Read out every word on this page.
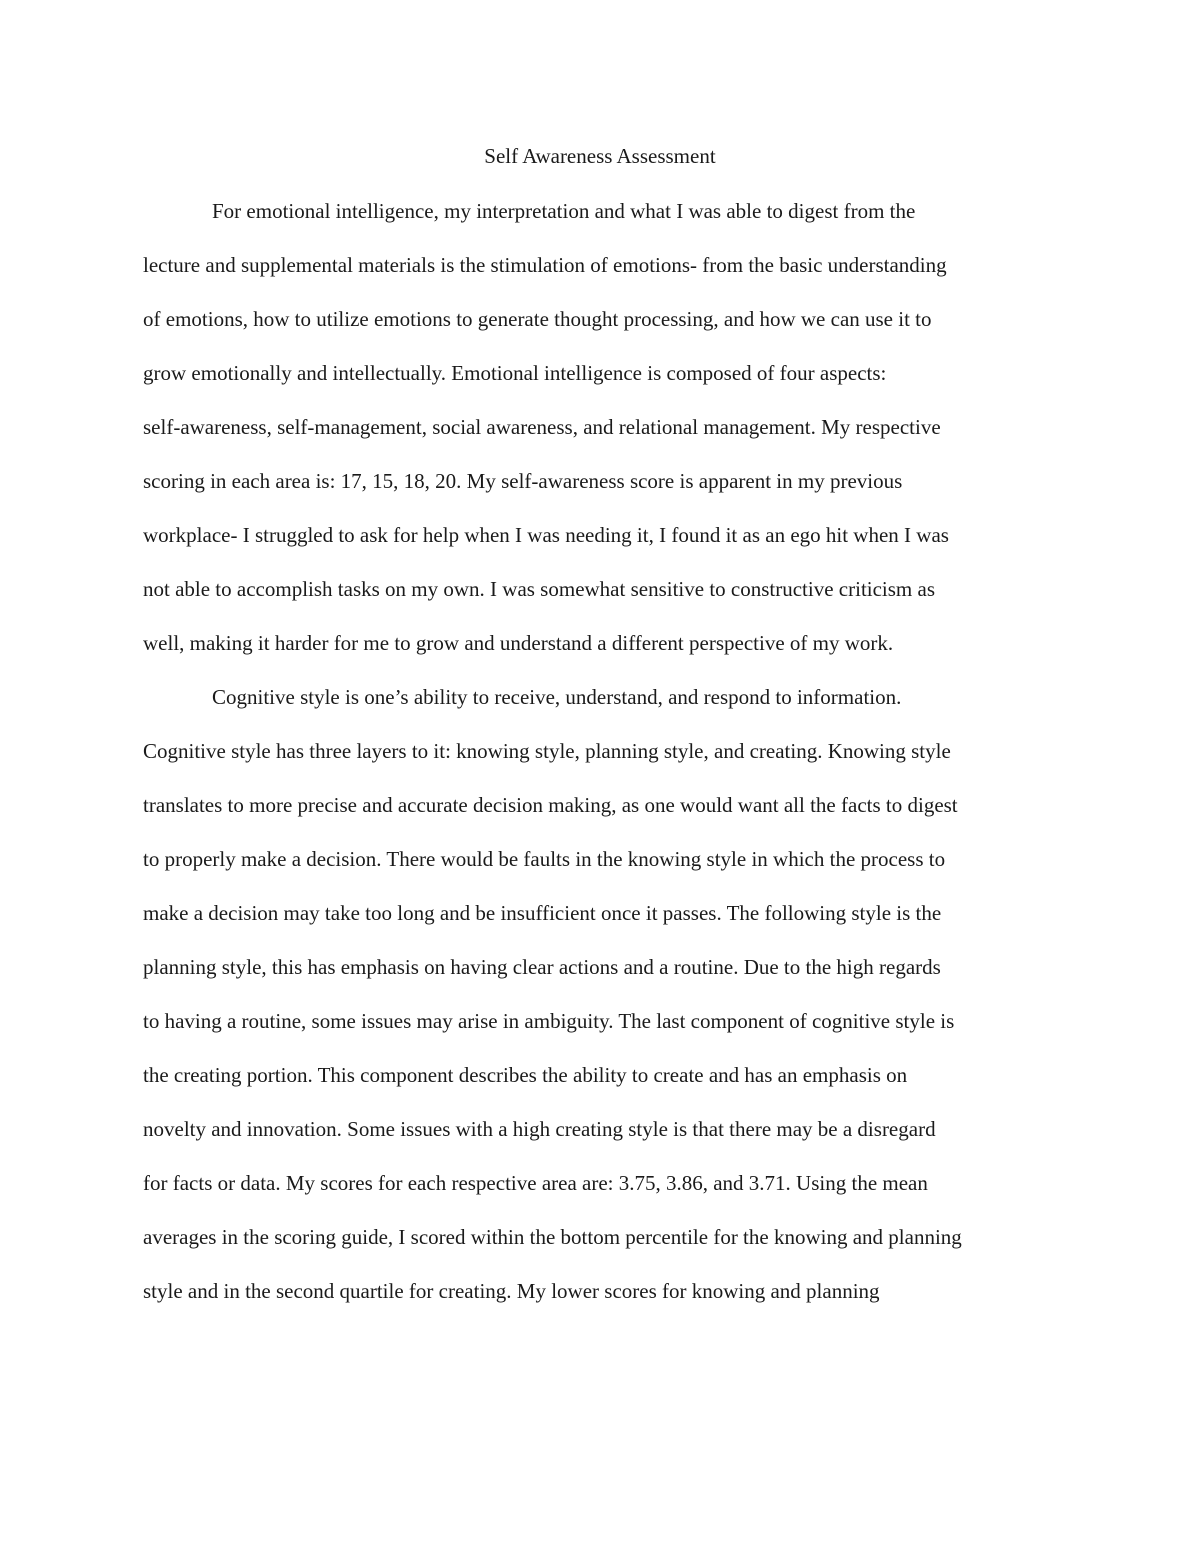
Self Awareness Assessment
For emotional intelligence, my interpretation and what I was able to digest from the
lecture and supplemental materials is the stimulation of emotions- from the basic understanding
of emotions, how to utilize emotions to generate thought processing, and how we can use it to
grow emotionally and intellectually. Emotional intelligence is composed of four aspects:
self-awareness, self-management, social awareness, and relational management. My respective
scoring in each area is: 17, 15, 18, 20. My self-awareness score is apparent in my previous
workplace- I struggled to ask for help when I was needing it, I found it as an ego hit when I was
not able to accomplish tasks on my own. I was somewhat sensitive to constructive criticism as
well, making it harder for me to grow and understand a different perspective of my work.
Cognitive style is one’s ability to receive, understand, and respond to information.
Cognitive style has three layers to it: knowing style, planning style, and creating. Knowing style
translates to more precise and accurate decision making, as one would want all the facts to digest
to properly make a decision. There would be faults in the knowing style in which the process to
make a decision may take too long and be insufficient once it passes. The following style is the
planning style, this has emphasis on having clear actions and a routine. Due to the high regards
to having a routine, some issues may arise in ambiguity. The last component of cognitive style is
the creating portion. This component describes the ability to create and has an emphasis on
novelty and innovation. Some issues with a high creating style is that there may be a disregard
for facts or data. My scores for each respective area are: 3.75, 3.86, and 3.71. Using the mean
averages in the scoring guide, I scored within the bottom percentile for the knowing and planning
style and in the second quartile for creating. My lower scores for knowing and planning
